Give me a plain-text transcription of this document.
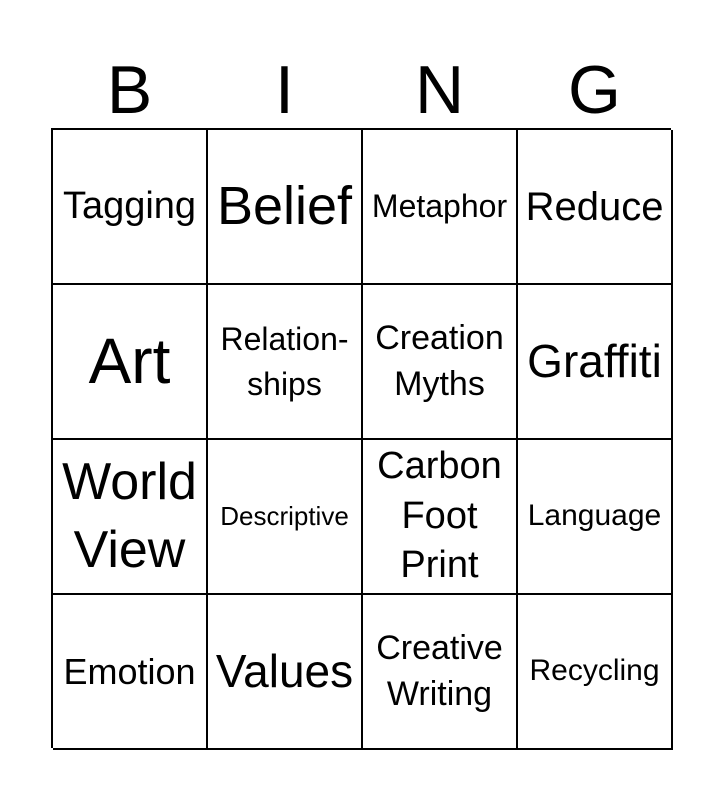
B	I	N	G
Tagging Belief Metaphor Reduce
Art Relation-
ships
Creation
Myths Graffiti
World
View
Descriptive
Carbon
Foot
Print
Language
Emotion Values Creative
Writing
Recycling
